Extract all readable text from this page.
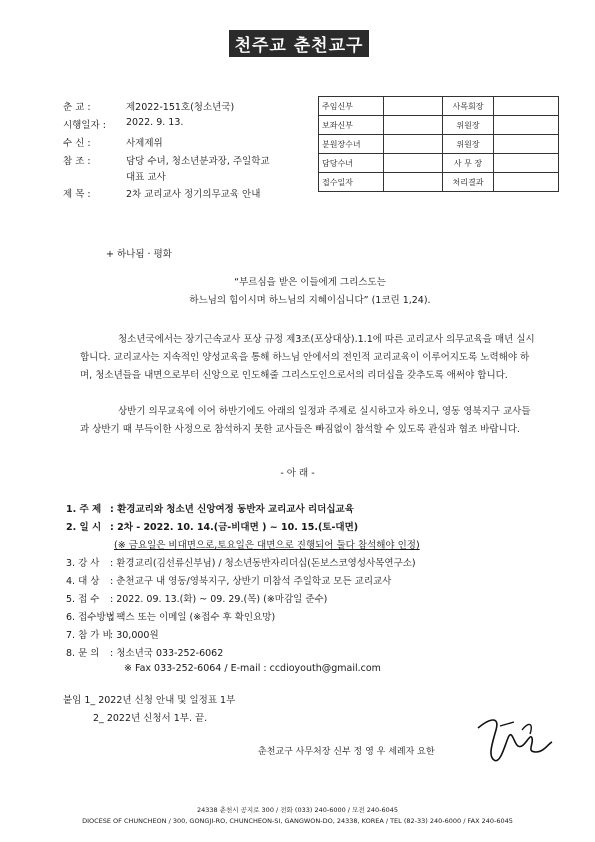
천주교 춘천교구
춘 교 :	제2022-151호(청소년국)
시행일자 :	2022. 9. 13.
수 신 :	사제제위
참 조 :	담당 수녀, 청소년분과장, 주일학교
대표 교사
제 목 :	2차 교리교사 정기의무교육 안내
주임신부		사목회장	
보좌신부		위원장	
분원장수녀		위원장	
담당수녀		사 무 장	
접수일자		처리결과	
+ 하나됨 · 평화
“부르심을 받은 이들에게 그리스도는
하느님의 힘이시며 하느님의 지혜이십니다” (1코린 1,24).
청소년국에서는 장기근속교사 포상 규정 제3조(포상대상).1.1에 따른 교리교사 의무교육을 매년 실시합니다. 교리교사는 지속적인 양성교육을 통해 하느님 안에서의 전인적 교리교육이 이루어지도록 노력해야 하며, 청소년들을 내면으로부터 신앙으로 인도해줄 그리스도인으로서의 리더십을 갖추도록 애써야 합니다.
상반기 의무교육에 이어 하반기에도 아래의 일정과 주제로 실시하고자 하오니, 영동 영북지구 교사들과 상반기 때 부득이한 사정으로 참석하지 못한 교사들은 빠짐없이 참석할 수 있도록 관심과 협조 바랍니다.
- 아 래 -
1. 주 제 : 환경교리와 청소년 신앙여정 동반자 교리교사 리더십교육
2. 일 시 : 2차 - 2022. 10. 14.(금-비대면 ) ~ 10. 15.(토-대면)
(※ 금요일은 비대면으로,토요일은 대면으로 진행되어 둘다 참석해야 인정)
3. 강 사 : 환경교리(김선류신부님) / 청소년동반자리더십(돈보스코영성사목연구소)
4. 대 상 : 춘천교구 내 영동/영북지구, 상반기 미참석 주일학교 모든 교리교사
5. 접 수 : 2022. 09. 13.(화) ~ 09. 29.(목) (※마감일 준수)
6. 접수방법
: 팩스 또는 이메일 (※접수 후 확인요망)
7. 참 가 비
: 30,000원
8. 문 의 : 청소년국 033-252-6062
※ Fax 033-252-6064 / E-mail : ccdioyouth@gmail.com
붙임 1_ 2022년 신청 안내 및 일정표 1부
2_ 2022년 신청서 1부. 끝.
춘천교구 사무처장 신부 정 영 우 세례자 요한
24338 춘천시 공지로 300 / 전화 (033) 240-6000 / 모전 240-6045
DIOCESE OF CHUNCHEON / 300, GONGJI-RO, CHUNCHEON-SI, GANGWON-DO, 24338, KOREA / TEL (82-33) 240-6000 / FAX 240-6045
